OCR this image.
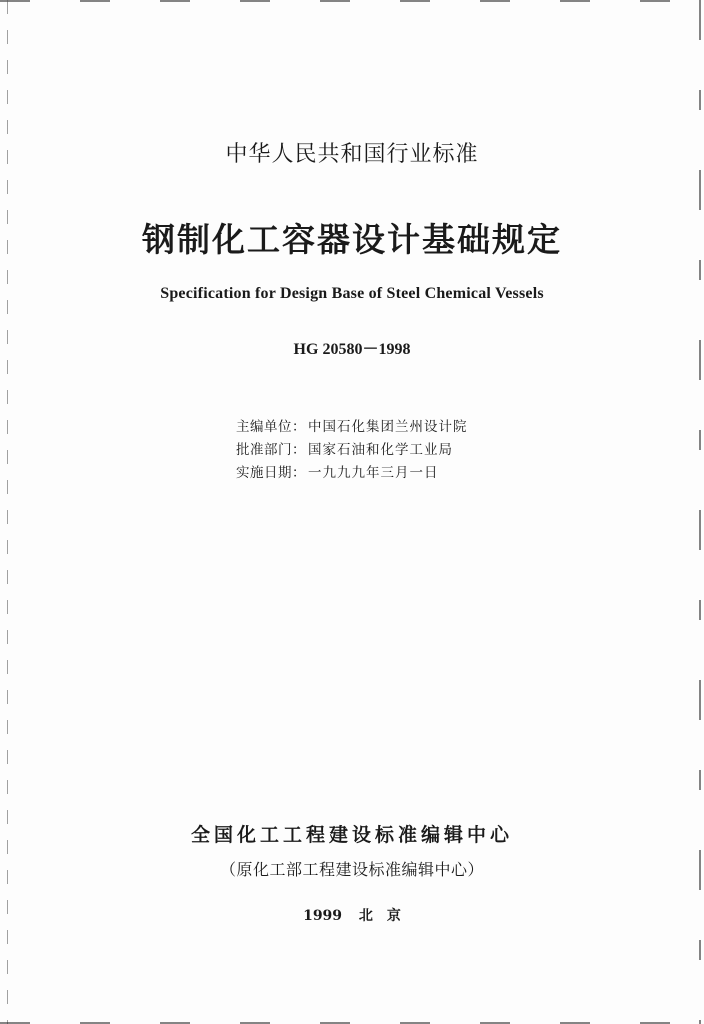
中华人民共和国行业标准
钢制化工容器设计基础规定
Specification for Design Base of Steel Chemical Vessels
HG 20580－1998
主编单位： 中国石化集团兰州设计院
批准部门： 国家石油和化学工业局
实施日期： 一九九九年三月一日
全国化工工程建设标准编辑中心
（原化工部工程建设标准编辑中心）
1999 北　京
